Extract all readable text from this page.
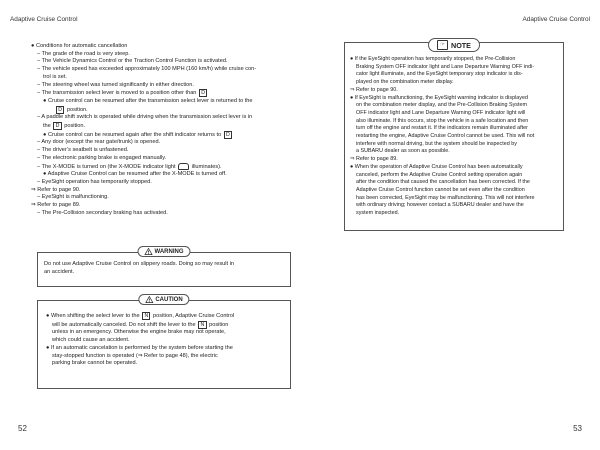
Adaptive Cruise Control	Adaptive Cruise Control
● Conditions for automatic cancellation
– The grade of the road is very steep.
– The Vehicle Dynamics Control or the Traction Control Function is activated.
– The vehicle speed has exceeded approximately 100 MPH (160 km/h) while cruise con-
trol is set.
– The steering wheel was turned significantly in either direction.
– The transmission select lever is moved to a position other than D
● Cruise control can be resumed after the transmission select lever is returned to the
D position.
– A paddle shift switch is operated while driving when the transmission select lever is in
the D position.
● Cruise control can be resumed again after the shift indicator returns to D
– Any door (except the rear gate/trunk) is opened.
– The driver’s seatbelt is unfastened.
– The electronic parking brake is engaged manually.
– The X-MODE is turned on (the X-MODE indicator light	illuminates).
● Adaptive Cruise Control can be resumed after the X-MODE is turned off.
– EyeSight operation has temporarily stopped.
⇒ Refer to page 90.
– EyeSight is malfunctioning.
⇒ Refer to page 89.
– The Pre-Collision secondary braking has activated.
! WARNING
Do not use Adaptive Cruise Control on slippery roads. Doing so may result in
an accident.
! CAUTION
● When shifting the select lever to the N position, Adaptive Cruise Control
will be automatically canceled. Do not shift the lever to the N position
unless in an emergency. Otherwise the engine brake may not operate,
which could cause an accident.
● If an automatic cancelation is performed by the system before starting the
stay-stopped function is operated (⇒ Refer to page 48), the electric
parking brake cannot be operated.
☞ NOTE
● If the EyeSight operation has temporarily stopped, the Pre-Collision
Braking System OFF indicator light and Lane Departure Warning OFF indi-
cator light illuminate, and the EyeSight temporary stop indicator is dis-
played on the combination meter display.
⇒ Refer to page 90.
● If EyeSight is malfunctioning, the EyeSight warning indicator is displayed
on the combination meter display, and the Pre-Collision Braking System
OFF indicator light and Lane Departure Warning OFF indicator light will
also illuminate. If this occurs, stop the vehicle in a safe location and then
turn off the engine and restart it. If the indicators remain illuminated after
restarting the engine, Adaptive Cruise Control cannot be used. This will not
interfere with normal driving, but the system should be inspected by
a SUBARU dealer as soon as possible.
⇒ Refer to page 89.
● When the operation of Adaptive Cruise Control has been automatically
canceled, perform the Adaptive Cruise Control setting operation again
after the condition that caused the cancellation has been corrected. If the
Adaptive Cruise Control function cannot be set even after the condition
has been corrected, EyeSight may be malfunctioning. This will not interfere
with ordinary driving; however contact a SUBARU dealer and have the
system inspected.
52	53
